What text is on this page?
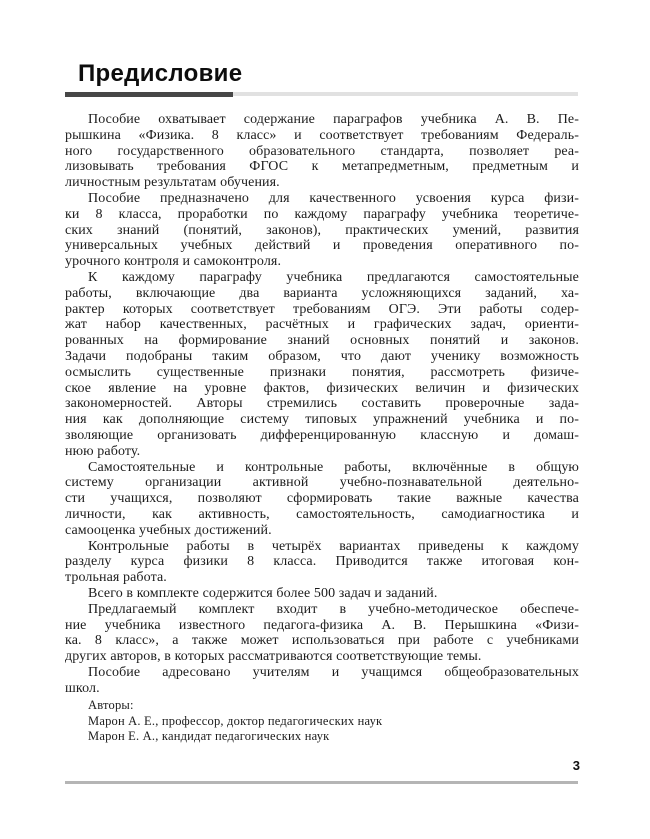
Предисловие
Пособие охватывает содержание параграфов учебника А. В. Пе-
рышкина «Физика. 8 класс» и соответствует требованиям Федераль-
ного государственного образовательного стандарта, позволяет реа-
лизовывать требования ФГОС к метапредметным, предметным и
личностным результатам обучения.
Пособие предназначено для качественного усвоения курса физи-
ки 8 класса, проработки по каждому параграфу учебника теоретиче-
ских знаний (понятий, законов), практических умений, развития
универсальных учебных действий и проведения оперативного по-
урочного контроля и самоконтроля.
К каждому параграфу учебника предлагаются самостоятельные
работы, включающие два варианта усложняющихся заданий, ха-
рактер которых соответствует требованиям ОГЭ. Эти работы содер-
жат набор качественных, расчётных и графических задач, ориенти-
рованных на формирование знаний основных понятий и законов.
Задачи подобраны таким образом, что дают ученику возможность
осмыслить существенные признаки понятия, рассмотреть физиче-
ское явление на уровне фактов, физических величин и физических
закономерностей. Авторы стремились составить проверочные зада-
ния как дополняющие систему типовых упражнений учебника и по-
зволяющие организовать дифференцированную классную и домаш-
нюю работу.
Самостоятельные и контрольные работы, включённые в общую
систему организации активной учебно-познавательной деятельно-
сти учащихся, позволяют сформировать такие важные качества
личности, как активность, самостоятельность, самодиагностика и
самооценка учебных достижений.
Контрольные работы в четырёх вариантах приведены к каждому
разделу курса физики 8 класса. Приводится также итоговая кон-
трольная работа.
Всего в комплекте содержится более 500 задач и заданий.
Предлагаемый комплект входит в учебно-методическое обеспече-
ние учебника известного педагога-физика А. В. Перышкина «Физи-
ка. 8 класс», а также может использоваться при работе с учебниками
других авторов, в которых рассматриваются соответствующие темы.
Пособие адресовано учителям и учащимся общеобразовательных
школ.
Авторы:
Марон А. Е., профессор, доктор педагогических наук
Марон Е. А., кандидат педагогических наук
3
